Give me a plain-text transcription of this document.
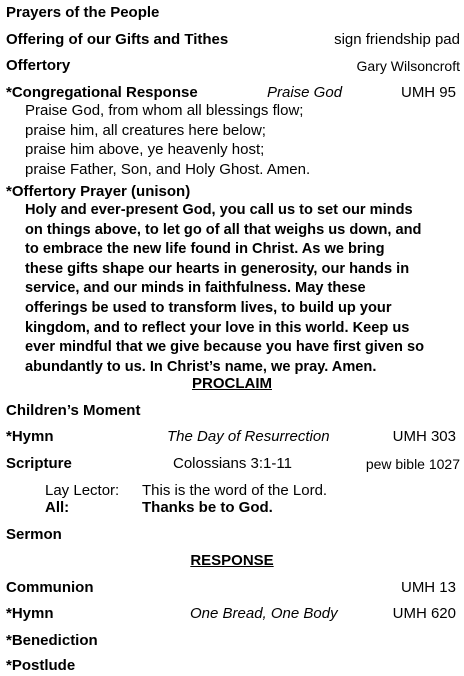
Prayers of the People
Offering of our Gifts and Tithes	sign friendship pad
Offertory	Gary Wilsoncroft
*Congregational Response	Praise God	UMH 95
Praise God, from whom all blessings flow;
praise him, all creatures here below;
praise him above, ye heavenly host;
praise Father, Son, and Holy Ghost. Amen.
*Offertory Prayer (unison)
Holy and ever-present God, you call us to set our minds
on things above, to let go of all that weighs us down, and
to embrace the new life found in Christ. As we bring
these gifts shape our hearts in generosity, our hands in
service, and our minds in faithfulness. May these
offerings be used to transform lives, to build up your
kingdom, and to reflect your love in this world. Keep us
ever mindful that we give because you have first given so
abundantly to us. In Christ’s name, we pray. Amen.
PROCLAIM
Children’s Moment
*Hymn	The Day of Resurrection	UMH 303
Scripture	Colossians 3:1-11	pew bible 1027
Lay Lector: This is the word of the Lord.
All:	Thanks be to God.
Sermon
RESPONSE
Communion	UMH 13
*Hymn	One Bread, One Body	UMH 620
*Benediction
*Postlude
